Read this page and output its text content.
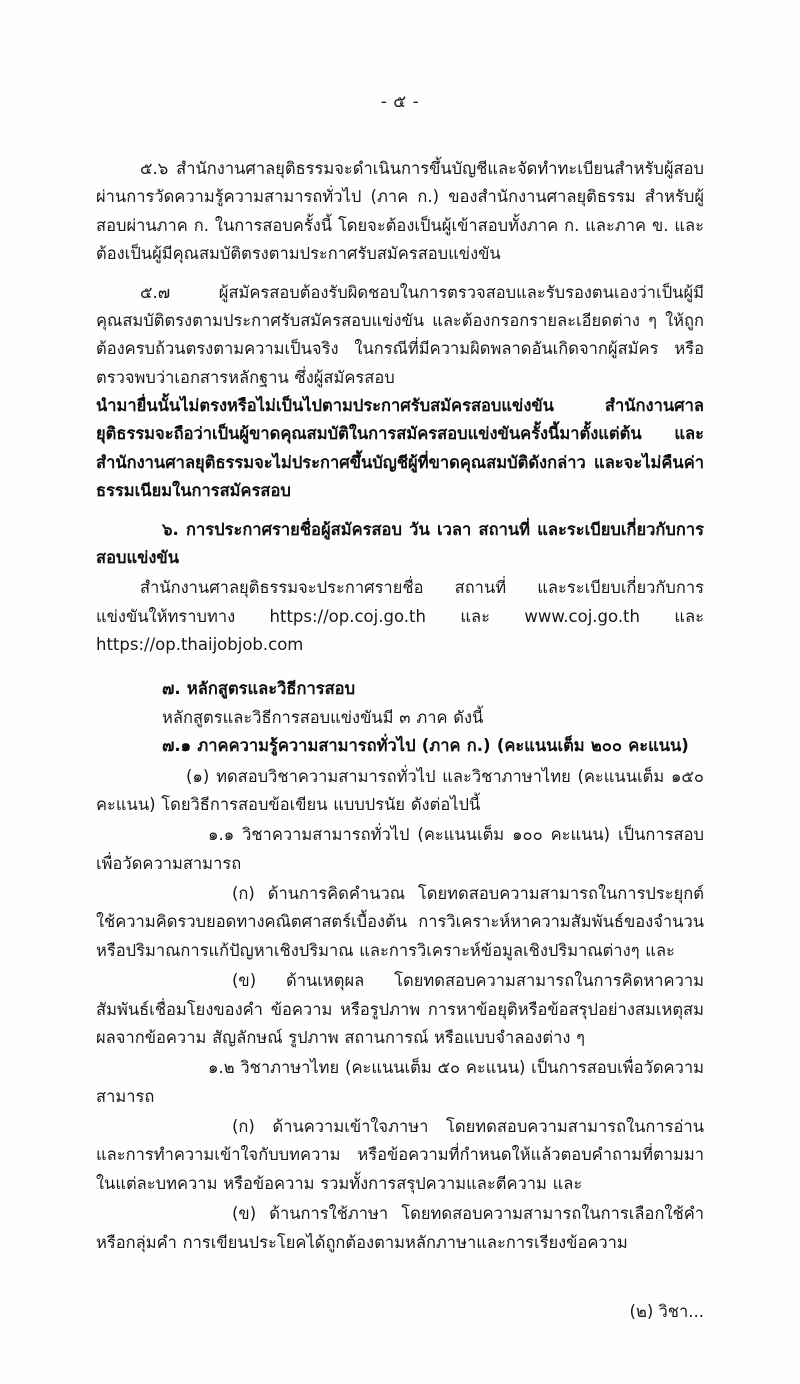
- ๕ -

๕.๖ สำนักงานศาลยุติธรรมจะดำเนินการขึ้นบัญชีและจัดทำทะเบียนสำหรับผู้สอบผ่านการวัดความรู้ความสามารถทั่วไป (ภาค ก.) ของสำนักงานศาลยุติธรรม สำหรับผู้สอบผ่านภาค ก. ในการสอบครั้งนี้ โดยจะต้องเป็นผู้เข้าสอบทั้งภาค ก. และภาค ข. และต้องเป็นผู้มีคุณสมบัติตรงตามประกาศรับสมัครสอบแข่งขัน

๕.๗ ผู้สมัครสอบต้องรับผิดชอบในการตรวจสอบและรับรองตนเองว่าเป็นผู้มีคุณสมบัติตรงตามประกาศรับสมัครสอบแข่งขัน และต้องกรอกรายละเอียดต่าง ๆ ให้ถูกต้องครบถ้วนตรงตามความเป็นจริง ในกรณีที่มีความผิดพลาดอันเกิดจากผู้สมัคร หรือตรวจพบว่าเอกสารหลักฐาน ซึ่งผู้สมัครสอบ

นำมายื่นนั้นไม่ตรงหรือไม่เป็นไปตามประกาศรับสมัครสอบแข่งขัน สำนักงานศาลยุติธรรมจะถือว่าเป็นผู้ขาดคุณสมบัติในการสมัครสอบแข่งขันครั้งนี้มาตั้งแต่ต้น และสำนักงานศาลยุติธรรมจะไม่ประกาศขึ้นบัญชีผู้ที่ขาดคุณสมบัติดังกล่าว และจะไม่คืนค่าธรรมเนียมในการสมัครสอบ

๖. การประกาศรายชื่อผู้สมัครสอบ วัน เวลา สถานที่ และระเบียบเกี่ยวกับการสอบแข่งขัน

สำนักงานศาลยุติธรรมจะประกาศรายชื่อ สถานที่ และระเบียบเกี่ยวกับการแข่งขันให้ทราบทาง https://op.coj.go.th และ www.coj.go.th และ https://op.thaijobjob.com

๗. หลักสูตรและวิธีการสอบ

หลักสูตรและวิธีการสอบแข่งขันมี ๓ ภาค ดังนี้

๗.๑ ภาคความรู้ความสามารถทั่วไป (ภาค ก.) (คะแนนเต็ม ๒๐๐ คะแนน)

(๑) ทดสอบวิชาความสามารถทั่วไป และวิชาภาษาไทย (คะแนนเต็ม ๑๕๐ คะแนน) โดยวิธีการสอบข้อเขียน แบบปรนัย ดังต่อไปนี้

๑.๑ วิชาความสามารถทั่วไป (คะแนนเต็ม ๑๐๐ คะแนน) เป็นการสอบเพื่อวัดความสามารถ

(ก) ด้านการคิดคำนวณ โดยทดสอบความสามารถในการประยุกต์ใช้ความคิดรวบยอดทางคณิตศาสตร์เบื้องต้น การวิเคราะห์หาความสัมพันธ์ของจำนวนหรือปริมาณการแก้ปัญหาเชิงปริมาณ และการวิเคราะห์ข้อมูลเชิงปริมาณต่างๆ และ

(ข) ด้านเหตุผล โดยทดสอบความสามารถในการคิดหาความสัมพันธ์เชื่อมโยงของคำ ข้อความ หรือรูปภาพ การหาข้อยุติหรือข้อสรุปอย่างสมเหตุสมผลจากข้อความ สัญลักษณ์ รูปภาพ สถานการณ์ หรือแบบจำลองต่าง ๆ

๑.๒ วิชาภาษาไทย (คะแนนเต็ม ๕๐ คะแนน) เป็นการสอบเพื่อวัดความสามารถ

(ก) ด้านความเข้าใจภาษา โดยทดสอบความสามารถในการอ่านและการทำความเข้าใจกับบทความ หรือข้อความที่กำหนดให้แล้วตอบคำถามที่ตามมาในแต่ละบทความ หรือข้อความ รวมทั้งการสรุปความและตีความ และ

(ข) ด้านการใช้ภาษา โดยทดสอบความสามารถในการเลือกใช้คำหรือกลุ่มคำ การเขียนประโยคได้ถูกต้องตามหลักภาษาและการเรียงข้อความ

(๒) วิชา...
